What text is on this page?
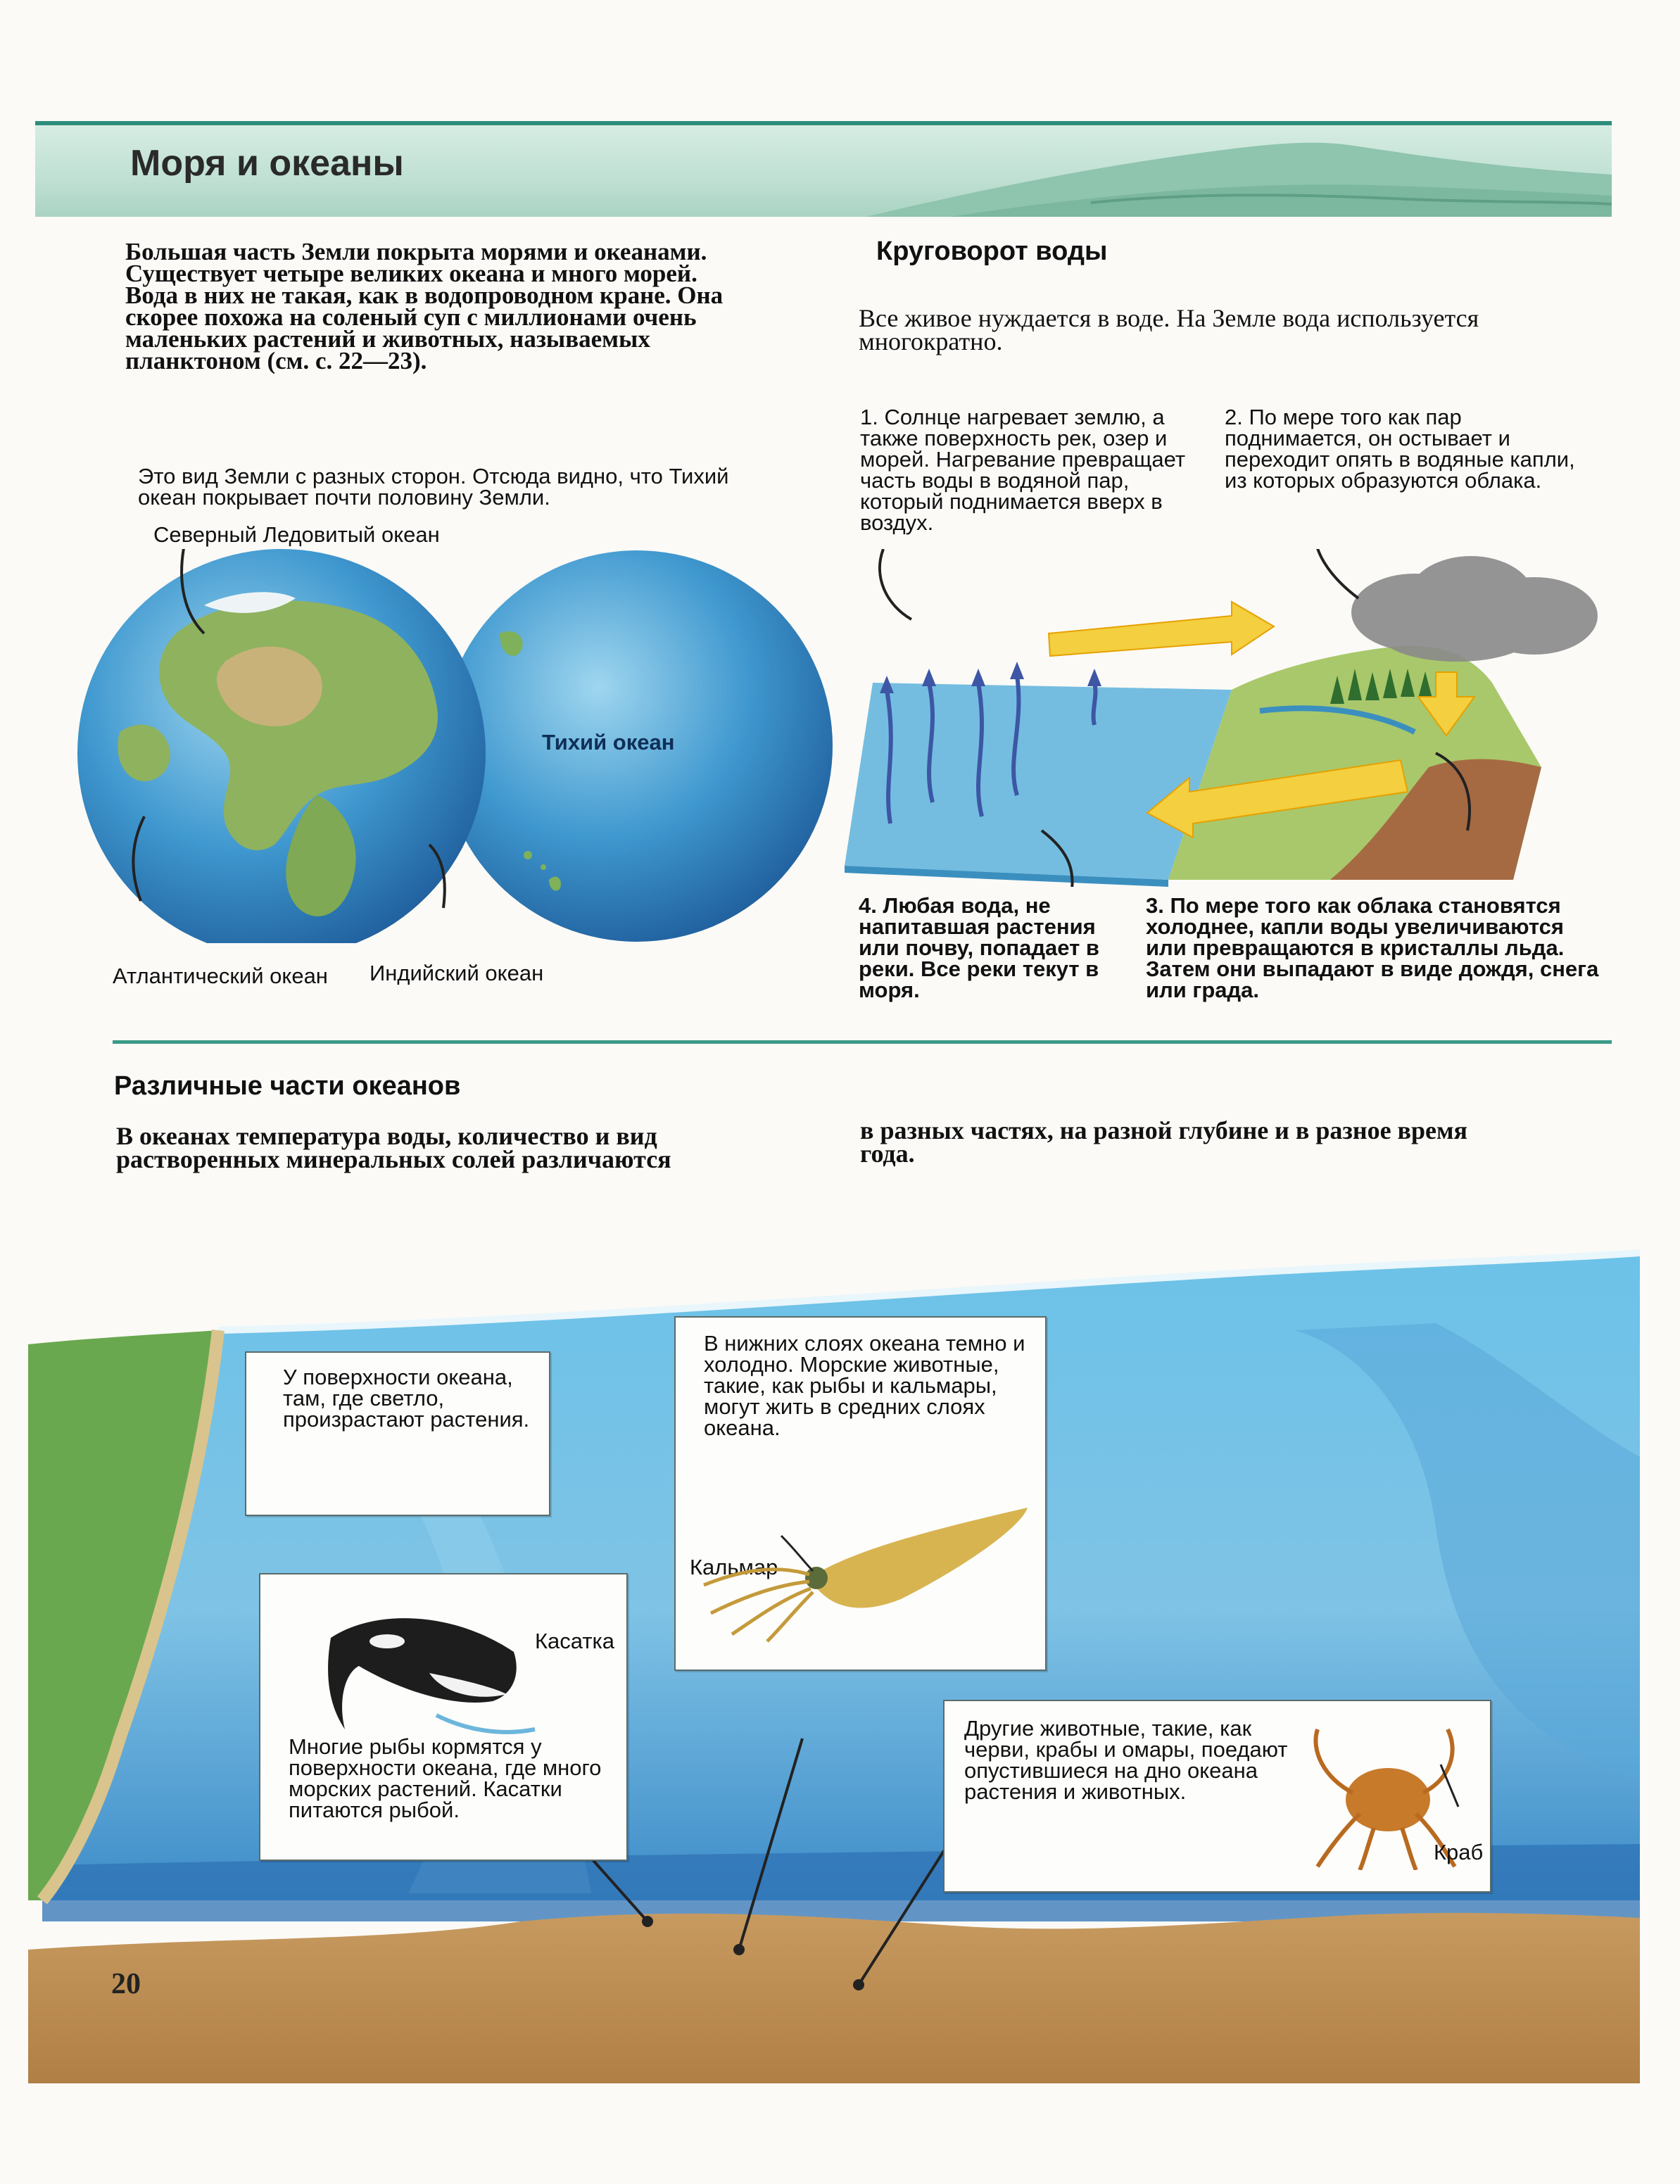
Моря и океаны
Большая часть Земли покрыта морями и океанами. Существует четыре великих океана и много морей. Вода в них не такая, как в водопроводном кране. Она скорее похожа на соленый суп с миллионами очень маленьких растений и животных, называемых планктоном (см. с. 22—23).
Это вид Земли с разных сторон. Отсюда видно, что Тихий океан покрывает почти половину Земли.
Северный Ледовитый океан
Тихий океан
Атлантический океан Индийский океан
Круговорот воды
Все живое нуждается в воде. На Земле вода используется многократно.
1. Солнце нагревает землю, а также поверхность рек, озер и морей. Нагревание превращает часть воды в водяной пар, который поднимается вверх в воздух.
2. По мере того как пар поднимается, он остывает и переходит опять в водяные капли, из которых образуются облака.
4. Любая вода, не напитавшая растения или почву, попадает в реки. Все реки текут в моря.
3. По мере того как облака становятся холоднее, капли воды увеличиваются или превращаются в кристаллы льда. Затем они выпадают в виде дождя, снега или града.
Различные части океанов
В океанах температура воды, количество и вид растворенных минеральных солей различаются
в разных частях, на разной глубине и в разное время года.
У поверхности океана, там, где светло, произрастают растения.
Касатка
Многие рыбы кормятся у поверхности океана, где много морских растений. Касатки питаются рыбой.
В нижних слоях океана темно и холодно. Морские животные, такие, как рыбы и кальмары, могут жить в средних слоях океана.
Кальмар
Другие животные, такие, как черви, крабы и омары, поедают опустившиеся на дно океана растения и животных.
Краб
20
